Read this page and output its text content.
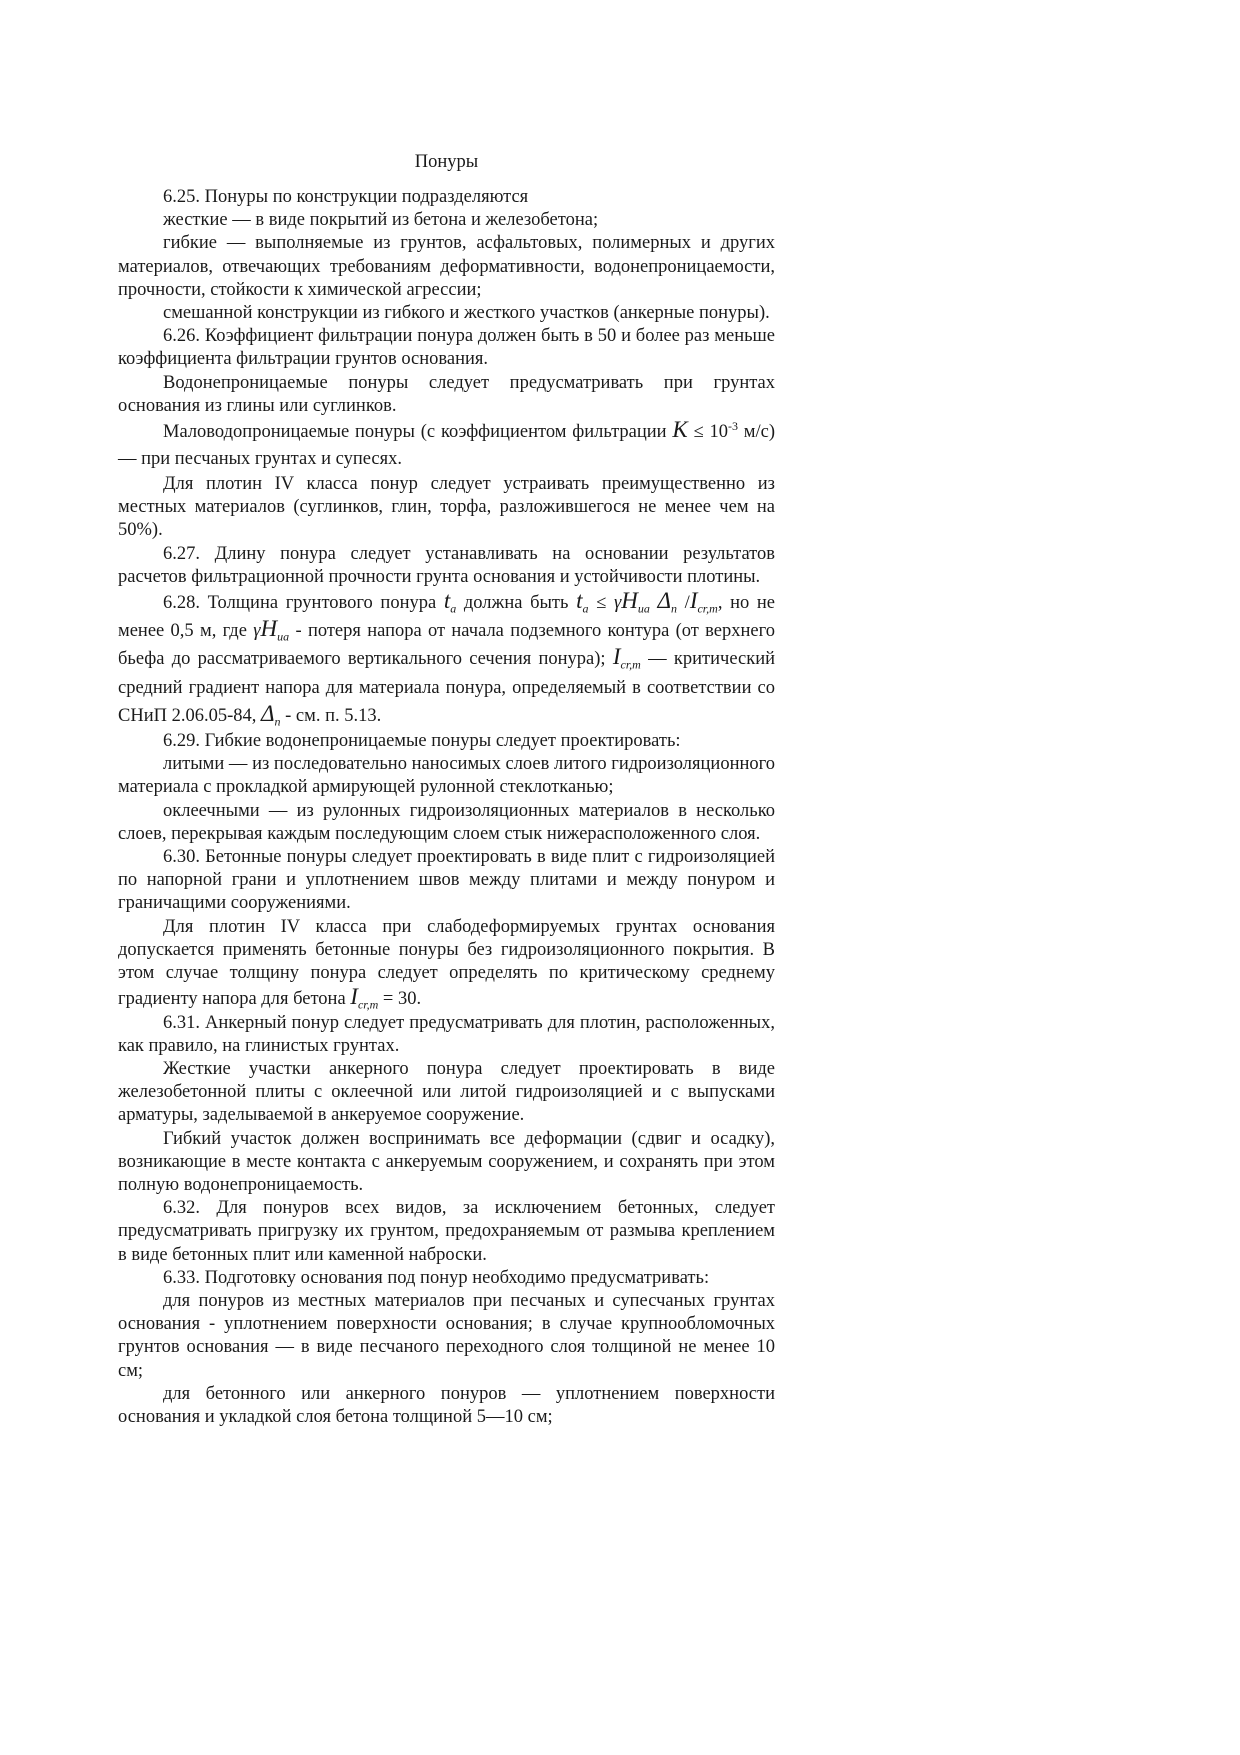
Понуры

6.25. Понуры по конструкции подразделяются

жесткие — в виде покрытий из бетона и железобетона;

гибкие — выполняемые из грунтов, асфальтовых, полимерных и других материалов, отвечающих требованиям деформативности, водонепроницаемости, прочности, стойкости к химической агрессии;

смешанной конструкции из гибкого и жесткого участков (анкерные понуры).

6.26. Коэффициент фильтрации понура должен быть в 50 и более раз меньше коэффициента фильтрации грунтов основания.

Водонепроницаемые понуры следует предусматривать при грунтах основания из глины или суглинков.

Маловодопроницаемые понуры (с коэффициентом фильтрации $K \le 10^{-3}$ м/с) — при песчаных грунтах и супесях.

Для плотин IV класса понур следует устраивать преимущественно из местных материалов (суглинков, глин, торфа, разложившегося не менее чем на 50%).

6.27. Длину понура следует устанавливать на основании результатов расчетов фильтрационной прочности грунта основания и устойчивости плотины.

6.28. Толщина грунтового понура $t_a$ должна быть $t_a \le \gamma H_{ua}$ $\Delta_n$ $/I_{cr,m}$, но не менее 0,5 м, где $\gamma H_{ua}$ - потеря напора от начала подземного контура (от верхнего бьефа до рассматриваемого вертикального сечения понура); $I_{cr,m}$ — критический средний градиент напора для материала понура, определяемый в соответствии со СНиП 2.06.05-84, $\Delta_n$ - см. п. 5.13.

6.29. Гибкие водонепроницаемые понуры следует проектировать:

литыми — из последовательно наносимых слоев литого гидроизоляционного материала с прокладкой армирующей рулонной стеклотканью;

оклеечными — из рулонных гидроизоляционных материалов в несколько слоев, перекрывая каждым последующим слоем стык нижерасположенного слоя.

6.30. Бетонные понуры следует проектировать в виде плит с гидроизоляцией по напорной грани и уплотнением швов между плитами и между понуром и граничащими сооружениями.

Для плотин IV класса при слабодеформируемых грунтах основания допускается применять бетонные понуры без гидроизоляционного покрытия. В этом случае толщину понура следует определять по критическому среднему градиенту напора для бетона $I_{cr,m} = 30$.

6.31. Анкерный понур следует предусматривать для плотин, расположенных, как правило, на глинистых грунтах.

Жесткие участки анкерного понура следует проектировать в виде железобетонной плиты с оклеечной или литой гидроизоляцией и с выпусками арматуры, заделываемой в анкеруемое сооружение.

Гибкий участок должен воспринимать все деформации (сдвиг и осадку), возникающие в месте контакта с анкеруемым сооружением, и сохранять при этом полную водонепроницаемость.

6.32. Для понуров всех видов, за исключением бетонных, следует предусматривать пригрузку их грунтом, предохраняемым от размыва креплением в виде бетонных плит или каменной наброски.

6.33. Подготовку основания под понур необходимо предусматривать:

для понуров из местных материалов при песчаных и супесчаных грунтах основания - уплотнением поверхности основания; в случае крупнообломочных грунтов основания — в виде песчаного переходного слоя толщиной не менее 10 см;

для бетонного или анкерного понуров — уплотнением поверхности основания и укладкой слоя бетона толщиной 5—10 см;
